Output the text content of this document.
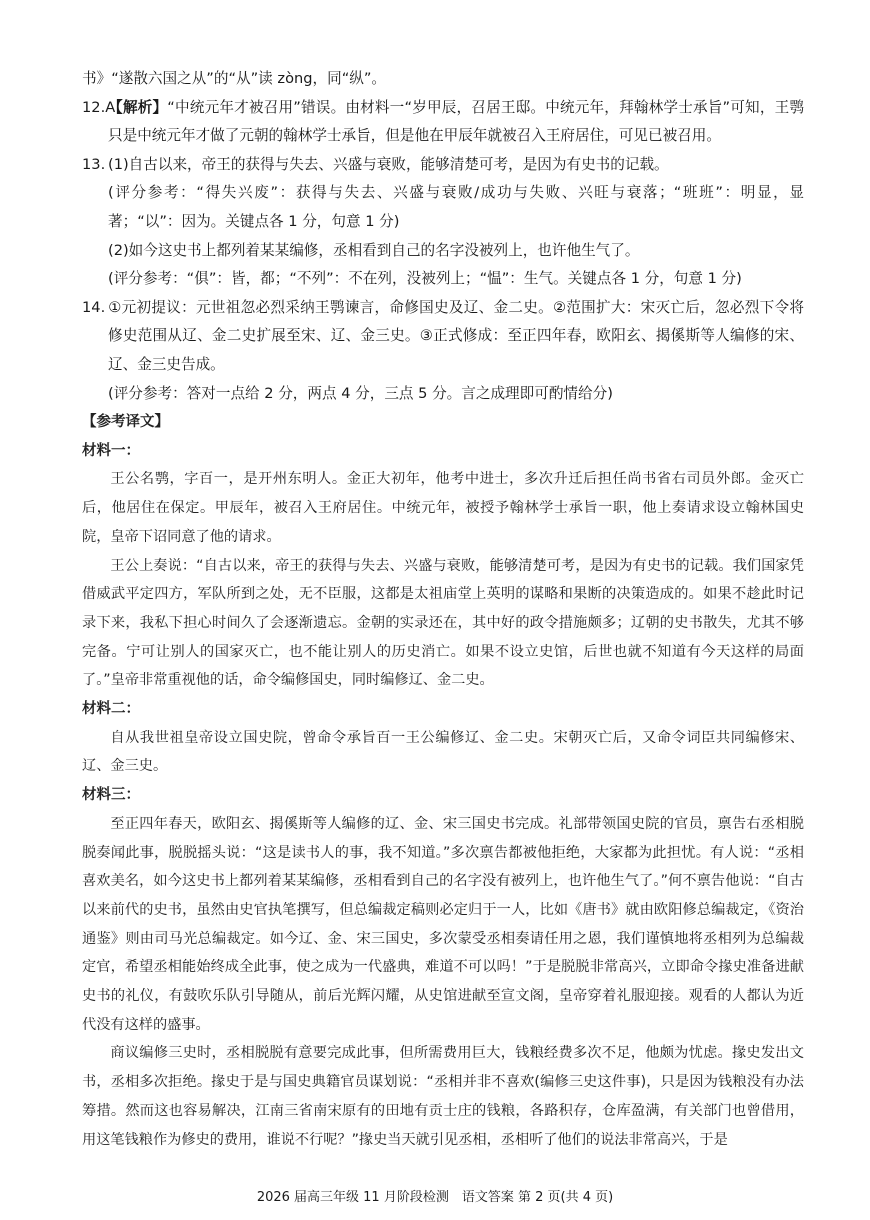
书》“遂散六国之从”的“从”读 zòng，同“纵”。

12.A【解析】“中统元年才被召用”错误。由材料一“岁甲辰，召居王邸。中统元年，拜翰林学士承旨”可知，王鹗只是中统元年才做了元朝的翰林学士承旨，但是他在甲辰年就被召入王府居住，可见已被召用。

13. (1)自古以来，帝王的获得与失去、兴盛与衰败，能够清楚可考，是因为有史书的记载。

(评分参考：“得失兴废”：获得与失去、兴盛与衰败/成功与失败、兴旺与衰落；“班班”：明显，显著；“以”：因为。关键点各 1 分，句意 1 分)

(2)如今这史书上都列着某某编修，丞相看到自己的名字没被列上，也许他生气了。

(评分参考：“俱”：皆，都；“不列”：不在列，没被列上；“愠”：生气。关键点各 1 分，句意 1 分)

14. ①元初提议：元世祖忽必烈采纳王鹗谏言，命修国史及辽、金二史。②范围扩大：宋灭亡后，忽必烈下令将修史范围从辽、金二史扩展至宋、辽、金三史。③正式修成：至正四年春，欧阳玄、揭傒斯等人编修的宋、辽、金三史告成。

(评分参考：答对一点给 2 分，两点 4 分，三点 5 分。言之成理即可酌情给分)

【参考译文】

材料一：

王公名鹗，字百一，是开州东明人。金正大初年，他考中进士，多次升迁后担任尚书省右司员外郎。金灭亡后，他居住在保定。甲辰年，被召入王府居住。中统元年，被授予翰林学士承旨一职，他上奏请求设立翰林国史院，皇帝下诏同意了他的请求。

王公上奏说：“自古以来，帝王的获得与失去、兴盛与衰败，能够清楚可考，是因为有史书的记载。我们国家凭借威武平定四方，军队所到之处，无不臣服，这都是太祖庙堂上英明的谋略和果断的决策造成的。如果不趁此时记录下来，我私下担心时间久了会逐渐遗忘。金朝的实录还在，其中好的政令措施颇多；辽朝的史书散失，尤其不够完备。宁可让别人的国家灭亡，也不能让别人的历史消亡。如果不设立史馆，后世也就不知道有今天这样的局面了。”皇帝非常重视他的话，命令编修国史，同时编修辽、金二史。

材料二：

自从我世祖皇帝设立国史院，曾命令承旨百一王公编修辽、金二史。宋朝灭亡后，又命令词臣共同编修宋、辽、金三史。

材料三：

至正四年春天，欧阳玄、揭傒斯等人编修的辽、金、宋三国史书完成。礼部带领国史院的官员，禀告右丞相脱脱奏闻此事，脱脱摇头说：“这是读书人的事，我不知道。”多次禀告都被他拒绝，大家都为此担忧。有人说：“丞相喜欢美名，如今这史书上都列着某某编修，丞相看到自己的名字没有被列上，也许他生气了。”何不禀告他说：“自古以来前代的史书，虽然由史官执笔撰写，但总编裁定稿则必定归于一人，比如《唐书》就由欧阳修总编裁定，《资治通鉴》则由司马光总编裁定。如今辽、金、宋三国史，多次蒙受丞相奏请任用之恩，我们谨慎地将丞相列为总编裁定官，希望丞相能始终成全此事，使之成为一代盛典，难道不可以吗！”于是脱脱非常高兴，立即命令掾史准备进献史书的礼仪，有鼓吹乐队引导随从，前后光辉闪耀，从史馆进献至宣文阁，皇帝穿着礼服迎接。观看的人都认为近代没有这样的盛事。

商议编修三史时，丞相脱脱有意要完成此事，但所需费用巨大，钱粮经费多次不足，他颇为忧虑。掾史发出文书，丞相多次拒绝。掾史于是与国史典籍官员谋划说：“丞相并非不喜欢(编修三史这件事)，只是因为钱粮没有办法筹措。然而这也容易解决，江南三省南宋原有的田地有贡士庄的钱粮，各路积存，仓库盈满，有关部门也曾借用，用这笔钱粮作为修史的费用，谁说不行呢？”掾史当天就引见丞相，丞相听了他们的说法非常高兴，于是

2026 届高三年级 11 月阶段检测　语文答案 第 2 页(共 4 页)
